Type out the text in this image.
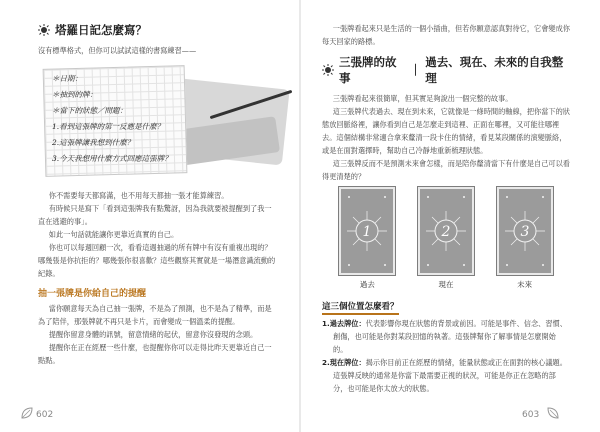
塔羅日記怎麼寫？

沒有標準格式，但你可以試試這樣的書寫練習——

＊日期：
＊抽到的牌：
＊當下的狀態／問題：
1.看到這張牌的第一反應是什麼？
2.這張牌讓我想到什麼？
3.今天我想用什麼方式回應這張牌？

你不需要每天都寫滿，也不用每天都抽一張才能算練習。

有時候只是寫下「看到這張牌我有點驚訝，因為我就要被提醒到了我一直在逃避的事」。

如此一句話就能讓你更靠近真實的自己。

你也可以每週回顧一次，看看這週抽過的所有牌中有沒有重複出現的？哪幾張是你抗拒的？哪幾張你很喜歡？這些觀察其實就是一場潛意識流動的紀錄。

抽一張牌是你給自己的提醒

當你願意每天為自己抽一張牌，不是為了預測，也不是為了精準，而是為了陪伴，那張牌就不再只是卡片，而會變成一個溫柔的提醒。

提醒你留意身體的訊號，留意情緒的起伏，留意你沒發現的念頭。

提醒你在正在經歷一些什麼，也提醒你你可以走得比昨天更靠近自己一點點。

602

一張牌看起來只是生活的一個小插曲，但若你願意認真對待它，它會變成你每天回家的路標。

三張牌的故事
｜
過去、現在、未來的自我整理

三張牌看起來很簡單，但其實足夠說出一個完整的故事。

這三張牌代表過去、現在到未來，它就像是一條時間的軸線，把你當下的狀態放回脈絡裡，讓你看到自己是怎麼走到這裡、正面在哪裡，又可能往哪裡去。這個結構非常適合拿來釐清一段卡住的情緒，看見某段關係的演變脈絡，或是在面對選擇時，幫助自己冷靜地重新梳理狀態。

這三張牌反而不是預測未來會怎樣，而是陪你釐清當下有什麼是自己可以看得更清楚的？

1
過去
2
現在
3
未來
這三個位置怎麼看？
1.過去牌位：代表影響你現在狀態的背景或前因。可能是事件、信念、習慣、創傷，也可能是你對某段回憶的執著。這張牌幫你了解事情是怎麼開始的。
2.現在牌位：揭示你目前正在經歷的情緒，能量狀態或正在面對的核心議題。這張牌反映的通常是你當下最需要正視的狀況，可能是你正在忽略的部分，也可能是你太放大的狀態。
603
